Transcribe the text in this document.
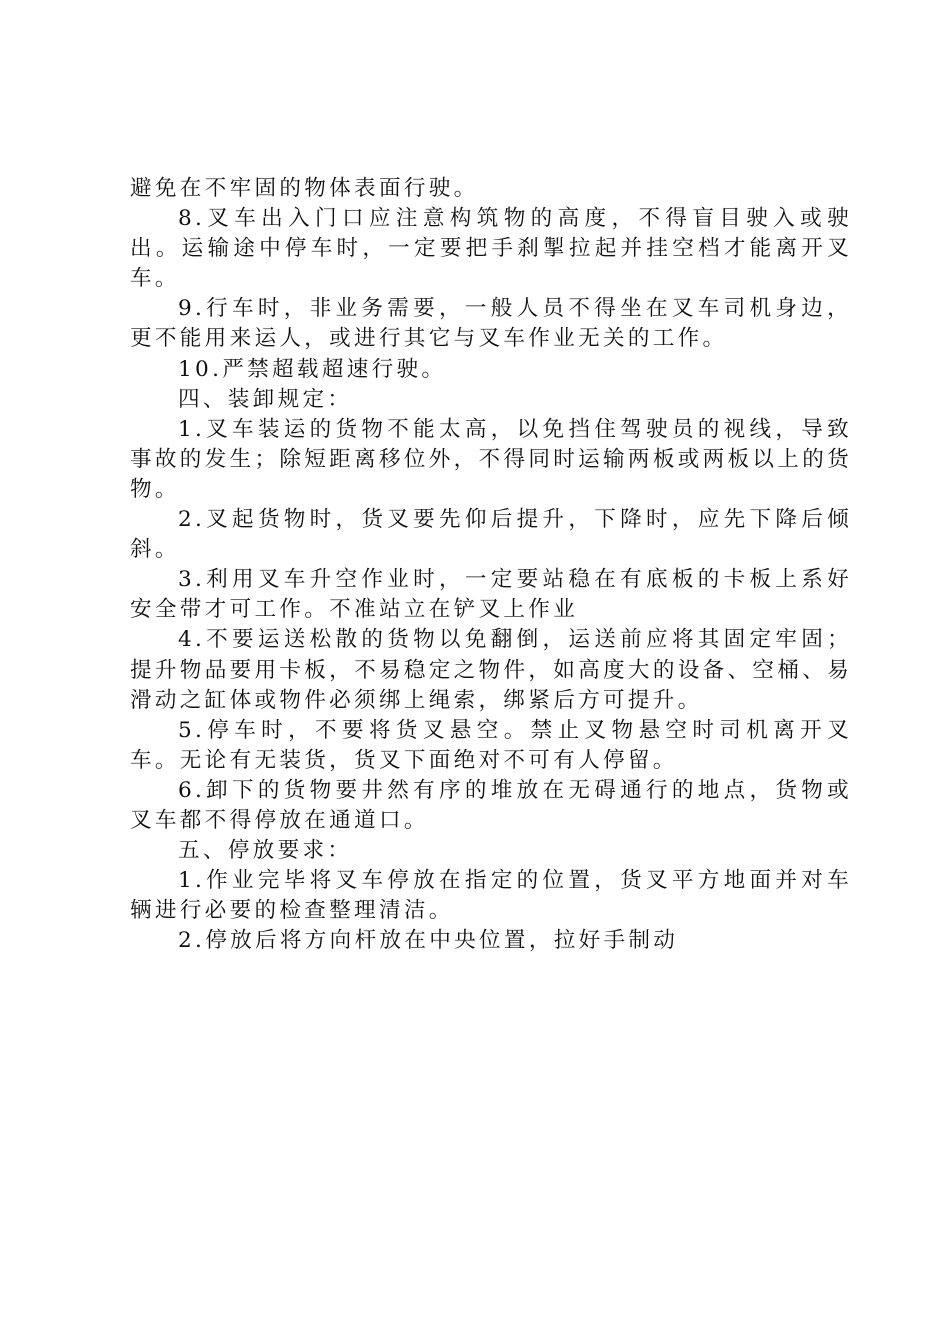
避免在不牢固的物体表面行驶。

8.叉车出入门口应注意构筑物的高度，不得盲目驶入或驶出。运输途中停车时，一定要把手刹掣拉起并挂空档才能离开叉车。

9.行车时，非业务需要，一般人员不得坐在叉车司机身边，更不能用来运人，或进行其它与叉车作业无关的工作。

10.严禁超载超速行驶。

四、装卸规定：

1.叉车装运的货物不能太高，以免挡住驾驶员的视线，导致事故的发生；除短距离移位外，不得同时运输两板或两板以上的货物。

2.叉起货物时，货叉要先仰后提升，下降时，应先下降后倾斜。

3.利用叉车升空作业时，一定要站稳在有底板的卡板上系好安全带才可工作。不准站立在铲叉上作业

4.不要运送松散的货物以免翻倒，运送前应将其固定牢固；提升物品要用卡板，不易稳定之物件，如高度大的设备、空桶、易滑动之缸体或物件必须绑上绳索，绑紧后方可提升。

5.停车时，不要将货叉悬空。禁止叉物悬空时司机离开叉车。无论有无装货，货叉下面绝对不可有人停留。

6.卸下的货物要井然有序的堆放在无碍通行的地点，货物或叉车都不得停放在通道口。

五、停放要求：

1.作业完毕将叉车停放在指定的位置，货叉平方地面并对车辆进行必要的检查整理清洁。

2.停放后将方向杆放在中央位置，拉好手制动
